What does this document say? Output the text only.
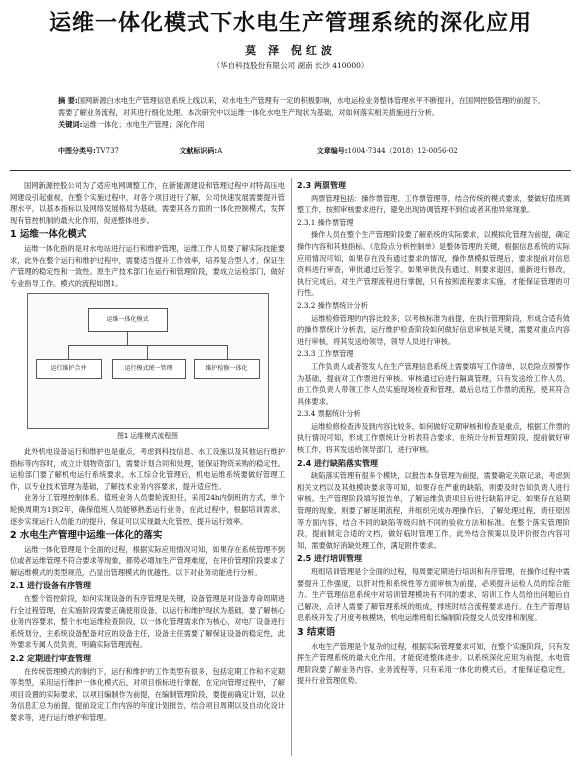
运维一体化模式下水电生产管理系统的深化应用
莫 泽 倪红波
（华自科技股份有限公司 湖南 长沙 410000）
摘 要:国网新源白水电生产管理信息系统上线以来，对水电生产管理有一定的积极影响，水电运检业务整体管理水平不断提升，在国网控股管理的前提下，需要了解业务流程，对其进行细化处理。本次研究中以运维一体化水电生产现状为基础，对如何落实相关措施进行分析。
关键词:运维一体化；水电生产管理；深化作用
中图分类号:TV737	文献标识码:A	文章编号:1004-7344（2018）12-0056-02

国网新源控股公司为了适应电网调整工作，在新能源建设和管理过程中对特高压电网建设引起重视，在整个实施过程中，对各个项目进行了解，公司快速发展需要提升管理水平，以基本指标以及网络发展格局为基础，需要其各方面的一体化控制模式，发挥现有管控机制的最大化作用，促进整体进步。

1 运维一体化模式

运维一体化指的是对水电站进行运行和维护管理，运维工作人员要了解实际技能要求，此外在整个运行和维护过程中，需要适当提升工作效率，培养复合型人才，保证生产管理的稳定性和一致性。原生产技术部门在运行和管理阶段，要成立运检部门，做好专业指导工作。模式的流程如图1。

运维一体化模式
运行维护合并	运行模式统一管理	维护检修一体化
图1 运维模式流程图

此外机电设备运行和维护也是重点，考虑到科技信息、水工设施以及其他运行维护指标等内容时，成立计划物资部门，需要计划合同和处理，能保证物资采购的稳定性。运检部门要了解机电运行系统要求，水工综合化管理后，机电运维系统要做好管理工作，以专业技术管理为基础，了解技术业务内容要求，提升适应性。

业务分工管理控制体系，值班业务人员要轮流担任，采用24h内倒班的方式，单个轮换周期为1到2年，确保值班人员能够熟悉运行业务，在此过程中，根据培训需求，逐步实现运行人员能力的提升，保证可以实现最大化管控，提升运行效率。

2 水电生产管理中运维一体化的落实

运维一体化管理是个全面的过程，根据实际应用情况可知，如果存在系统管理不到位或者运维管理不符合要求等现象，都势必增加生产管理难度，在评价管理阶段要求了解运维模式的类型规范，凸显出管理模式的优越性。以下对业务动能进行分析。

2.1 进行设备有序管理

在整个管控阶段，如何实现设备的有序管理是关键，设备管理是对设备寿命周期进行全过程管理，在实施阶段需要正确使用设备，以运行和维护现状为基础，要了解核心业务内容要求，整个水电运维检查阶段，以一体化管理需求作为核心，对电厂设备进行系统划分，主系统设备配备对应的设备主任，设备主任需要了解保证设备的稳定性，此外要求专属人员负责，明确实际管理流程。

2.2 定期进行审查管理

在传统管理模式的制约下，运行和维护的工作类型有很多，包括定期工作和不定期等类型，采用运行维护一体化模式后，对项目指标进行掌握，在定向管理过程中，了解项目设置的实际要求，以项目编制作为前提，在编制管理阶段，要提前确定计划，以业务信息汇总为前提，提前设定工作内容的年度计划报告，结合项目周期以及自动化设计要求等，进行运行维护和管理。

2.3 两票管理

两票管理包括：操作票管理、工作票管理等，结合传统的模式要求，要做好值班调整工作，按照审核要求进行，避免出现协调管理不到位或者其他异常现象。

2.3.1 操作票管理

操作人员在整个生产管理阶段要了解系统的实际要求，以模拟化管理为前提，确定操作内容和其他指标。《危险点分析控制单》是整体管理的关键，根据信息系统的实际应用情况可知，如果存在没有通过要求的情况，操作票模拟管理后，要求提前对信息资料进行审查，审批通过后签字。如果审批没有通过，则要求退回，重新进行修改，执行完成后，对生产管理流程进行掌握，只有按照流程要求实施，才能保证管理的可行性。

2.3.2 操作票统计分析

运维检修管理的内容比较多，以考核标准为前提，在执行管理阶段，形成合适有效的操作票统计分析表，运行维护检查阶段如何做好信息审核是关键，需要对重点内容进行审核，将其发送给领导，领导人员进行审核。

2.3.3 工作票管理

工作负责人或者签发人在生产管理信息系统上需要填写工作清单，以危险点预警作为基础，提前对工作票进行审核。审核通过后进行隔离管理，只有发送给工作人员，由工作负责人带领工作人员实施现场检查和管理，最后总结工作票的流程，使其符合具体要求。

2.3.4 票据统计分析

运维检修检查涉及到内容比较多，如何做好定期审核和检查是重点，根据工作票的执行情况可知，形成工作票统计分析表符合要求，在统计分析管理阶段，提前做好审核工作，将其发送给领导部门，进行审核。

2.4 进行缺陷落实管理

缺陷落实管理有很多个模块，以报告本身管理为前提，需要确定关联记录，考虑到相关文档以及其他模块要求等可知，如果存在严重的缺陷，则要及时告知负责人进行审核。生产管理阶段填写报告单，了解运维负责项目后进行缺陷评定。如果存在延期管理的现象，则要了解延期流程，并组织完成办理操作后，了解处理过程，责任原因等方面内容，结合不同的缺陷等级归纳不同的验收方法和标准。在整个落实管理阶段，提前制定合适的文档，做好临时管理工作，此外结合预案以及评价报告内容可知，需要做好消缺处理工作，满足附件要求。

2.5 进行培训管理

班组培训管理是个全面的过程，每周要定期进行培训和有序管理，在操作过程中需要提升工作强度，以肝对性和系统性等方面审核为前提，必须提升运检人员的综合能力。生产管理信息系统中对培训管理模块有不同的要求，培训工作人员给出问题后自己解决，点评人需要了解管理系统的组成，排班时结合流程要求进行。在生产管理信息系统开发了月度考核模块，机电运维班组长编制阶段提交人员安排和制度。

3 结束语

水电生产管理是个复杂的过程，根据实际管理要求可知，在整个实施阶段，只有发挥生产管理系统的最大化作用，才能促进整体进步。以系统深化应用为前提，水电管理阶段要了解业务内容、业务流程等，只有采用一体化的模式后，才能保证稳定性，提升行业管理优势。
